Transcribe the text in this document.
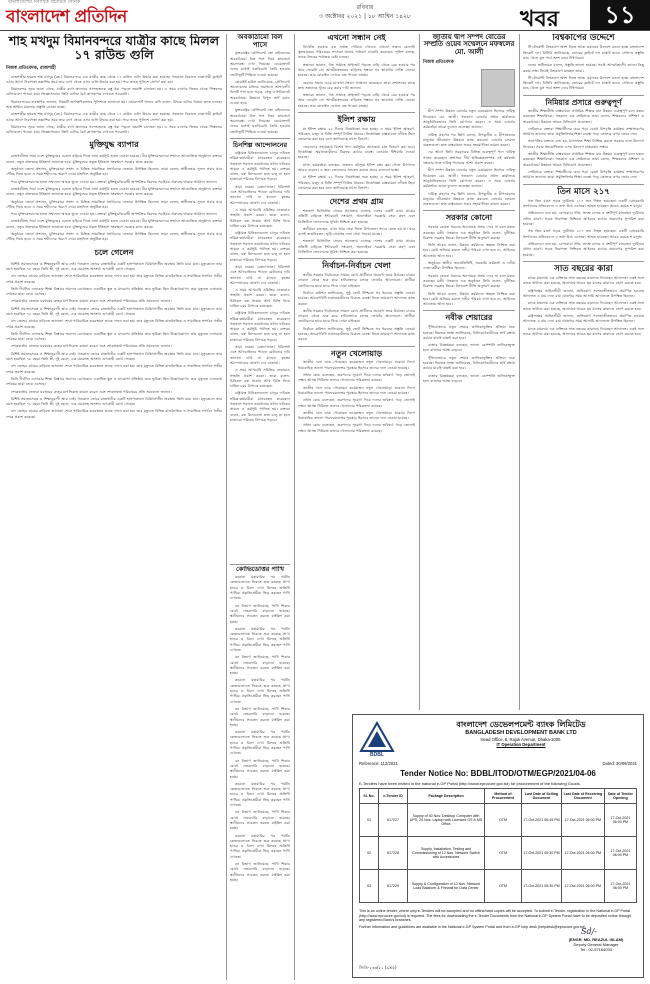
বাংলাদেশের সর্বাধিক প্রচারিত দৈনিক
বাংলাদেশ প্রতিদিন	রবিবার
৩ অক্টোবর ২০২১ | ১৮ আশ্বিন ১৪২৮	খবর	১১
শাহ মখদুম বিমানবন্দরে যাত্রীর কাছে মিলল ১৭ রাউন্ড গুলি
নিজস্ব প্রতিবেদক, রাজশাহী

রাজশাহীর হযরত শাহ মখদুম (রহ.) বিমানবন্দরে এক যাত্রীর কাছ থেকে ১৭ রাউন্ড গুলি উদ্ধার করা হয়েছে। গতকাল বিকালে ঢাকাগামী ফ্লাইটে ওঠার আগে নিরাপত্তা তল্লাশির সময় তার ব্যাগ থেকে এসব গুলি উদ্ধার করা হয়। পরে তাকে পুলিশে সোপর্দ করা হয়।

বিমানবন্দর সূত্রে জানা গেছে, যাত্রীর ব্যাগ স্ক্যানারে সন্দেহজনক বস্তু ধরা পড়লে তল্লাশি চালানো হয়। এ সময় ব্যাগের ভিতর থেকে পিস্তলের গুলিগুলো পাওয়া যায়। জিজ্ঞাসাবাদে তিনি গুলির বৈধ কাগজপত্র দেখাতে পারেননি।

বিমানবন্দরের ব্যবস্থাপক জানান, বিষয়টি তাৎক্ষণিকভাবে পুলিশকে জানানো হয়। এয়ারপোর্ট থানার ওসি বলেন, উদ্ধার গুলির বিষয়ে তদন্ত চলছে। অস্ত্র আইনে মামলার প্রস্তুতি নেওয়া হচ্ছে।

রাজশাহীর হযরত শাহ মখদুম (রহ.) বিমানবন্দরে এক যাত্রীর কাছ থেকে ১৭ রাউন্ড গুলি উদ্ধার করা হয়েছে। গতকাল বিকালে ঢাকাগামী ফ্লাইটে ওঠার আগে নিরাপত্তা তল্লাশির সময় তার ব্যাগ থেকে এসব গুলি উদ্ধার করা হয়। পরে তাকে পুলিশে সোপর্দ করা হয়।

বিমানবন্দর সূত্রে জানা গেছে, যাত্রীর ব্যাগ স্ক্যানারে সন্দেহজনক বস্তু ধরা পড়লে তল্লাশি চালানো হয়। এ সময় ব্যাগের ভিতর থেকে পিস্তলের গুলিগুলো পাওয়া যায়। জিজ্ঞাসাবাদে তিনি গুলির বৈধ কাগজপত্র দেখাতে পারেননি।

মুক্তিযুদ্ধ ব্যাপার

রাজধানীসহ সারা দেশে মুক্তিযুদ্ধের চেতনা ছড়িয়ে দিতে নানা কর্মসূচি হাতে নেওয়া হয়েছে। বীর মুক্তিযোদ্ধাদের সম্মানে আয়োজিত অনুষ্ঠানে বক্তারা বলেন, নতুন প্রজন্মকে ইতিহাস জানাতে হবে। মুক্তিযুদ্ধের প্রকৃত ইতিহাস সংরক্ষণে সরকার কাজ করছে।

অনুষ্ঠানে জেলা প্রশাসন, মুক্তিযোদ্ধা সংসদ ও বিভিন্ন সামাজিক সংগঠনের নেতারা উপস্থিত ছিলেন। তারা বলেন, স্বাধীনতার সুফল সবার ঘরে পৌঁছে দিতে হবে। এ সময় শহীদদের স্মরণে দোয়া মাহফিল অনুষ্ঠিত হয়।

পরে মুক্তিযোদ্ধাদের হাতে সম্মাননা স্মারক তুলে দেওয়া হয়। বক্তারা মুক্তিযুদ্ধবিরোধী অপশক্তির বিরুদ্ধে সবাইকে ঐক্যবদ্ধ থাকার আহ্বান জানান।

রাজধানীসহ সারা দেশে মুক্তিযুদ্ধের চেতনা ছড়িয়ে দিতে নানা কর্মসূচি হাতে নেওয়া হয়েছে। বীর মুক্তিযোদ্ধাদের সম্মানে আয়োজিত অনুষ্ঠানে বক্তারা বলেন, নতুন প্রজন্মকে ইতিহাস জানাতে হবে। মুক্তিযুদ্ধের প্রকৃত ইতিহাস সংরক্ষণে সরকার কাজ করছে।

অনুষ্ঠানে জেলা প্রশাসন, মুক্তিযোদ্ধা সংসদ ও বিভিন্ন সামাজিক সংগঠনের নেতারা উপস্থিত ছিলেন। তারা বলেন, স্বাধীনতার সুফল সবার ঘরে পৌঁছে দিতে হবে। এ সময় শহীদদের স্মরণে দোয়া মাহফিল অনুষ্ঠিত হয়।

পরে মুক্তিযোদ্ধাদের হাতে সম্মাননা স্মারক তুলে দেওয়া হয়। বক্তারা মুক্তিযুদ্ধবিরোধী অপশক্তির বিরুদ্ধে সবাইকে ঐক্যবদ্ধ থাকার আহ্বান জানান।

রাজধানীসহ সারা দেশে মুক্তিযুদ্ধের চেতনা ছড়িয়ে দিতে নানা কর্মসূচি হাতে নেওয়া হয়েছে। বীর মুক্তিযোদ্ধাদের সম্মানে আয়োজিত অনুষ্ঠানে বক্তারা বলেন, নতুন প্রজন্মকে ইতিহাস জানাতে হবে। মুক্তিযুদ্ধের প্রকৃত ইতিহাস সংরক্ষণে সরকার কাজ করছে।

অনুষ্ঠানে জেলা প্রশাসন, মুক্তিযোদ্ধা সংসদ ও বিভিন্ন সামাজিক সংগঠনের নেতারা উপস্থিত ছিলেন। তারা বলেন, স্বাধীনতার সুফল সবার ঘরে পৌঁছে দিতে হবে। এ সময় শহীদদের স্মরণে দোয়া মাহফিল অনুষ্ঠিত হয়।

চলে গেলেন

বিশিষ্ট সমাজসেবক ও শিক্ষানুরাগী আর নেই। গতকাল ভোরে রাজধানীর একটি হাসপাতালে চিকিৎসাধীন অবস্থায় তিনি মারা যান। মৃত্যুকালে তার বয়স হয়েছিল ৭৮ বছর। তিনি স্ত্রী, দুই ছেলে, এক মেয়েসহ অসংখ্য গুণগ্রাহী রেখে গেছেন।

বাদ জোহর গ্রামের বাড়িতে জানাজা শেষে পারিবারিক কবরস্থানে তাকে দাফন করা হয়। তার মৃত্যুতে বিভিন্ন রাজনৈতিক ও সামাজিক সংগঠন গভীর শোক প্রকাশ করেছে।

তিনি দীর্ঘদিন এলাকার শিক্ষা বিস্তারে অবদান রেখেছেন। একাধিক স্কুল ও মাদরাসা প্রতিষ্ঠায় তার ভূমিকা ছিল উল্লেখযোগ্য। তার মৃত্যুতে এলাকায় শোকের ছায়া নেমে এসেছে।

শোকবার্তায় নেতারা মরহুমের রুহের মাগফিরাত কামনা করেন এবং শোকসন্তপ্ত পরিবারের প্রতি সমবেদনা জানান।

বিশিষ্ট সমাজসেবক ও শিক্ষানুরাগী আর নেই। গতকাল ভোরে রাজধানীর একটি হাসপাতালে চিকিৎসাধীন অবস্থায় তিনি মারা যান। মৃত্যুকালে তার বয়স হয়েছিল ৭৮ বছর। তিনি স্ত্রী, দুই ছেলে, এক মেয়েসহ অসংখ্য গুণগ্রাহী রেখে গেছেন।

বাদ জোহর গ্রামের বাড়িতে জানাজা শেষে পারিবারিক কবরস্থানে তাকে দাফন করা হয়। তার মৃত্যুতে বিভিন্ন রাজনৈতিক ও সামাজিক সংগঠন গভীর শোক প্রকাশ করেছে।

তিনি দীর্ঘদিন এলাকার শিক্ষা বিস্তারে অবদান রেখেছেন। একাধিক স্কুল ও মাদরাসা প্রতিষ্ঠায় তার ভূমিকা ছিল উল্লেখযোগ্য। তার মৃত্যুতে এলাকায় শোকের ছায়া নেমে এসেছে।

শোকবার্তায় নেতারা মরহুমের রুহের মাগফিরাত কামনা করেন এবং শোকসন্তপ্ত পরিবারের প্রতি সমবেদনা জানান।

বিশিষ্ট সমাজসেবক ও শিক্ষানুরাগী আর নেই। গতকাল ভোরে রাজধানীর একটি হাসপাতালে চিকিৎসাধীন অবস্থায় তিনি মারা যান। মৃত্যুকালে তার বয়স হয়েছিল ৭৮ বছর। তিনি স্ত্রী, দুই ছেলে, এক মেয়েসহ অসংখ্য গুণগ্রাহী রেখে গেছেন।

বাদ জোহর গ্রামের বাড়িতে জানাজা শেষে পারিবারিক কবরস্থানে তাকে দাফন করা হয়। তার মৃত্যুতে বিভিন্ন রাজনৈতিক ও সামাজিক সংগঠন গভীর শোক প্রকাশ করেছে।

তিনি দীর্ঘদিন এলাকার শিক্ষা বিস্তারে অবদান রেখেছেন। একাধিক স্কুল ও মাদরাসা প্রতিষ্ঠায় তার ভূমিকা ছিল উল্লেখযোগ্য। তার মৃত্যুতে এলাকায় শোকের ছায়া নেমে এসেছে।

শোকবার্তায় নেতারা মরহুমের রুহের মাগফিরাত কামনা করেন এবং শোকসন্তপ্ত পরিবারের প্রতি সমবেদনা জানান।

বিশিষ্ট সমাজসেবক ও শিক্ষানুরাগী আর নেই। গতকাল ভোরে রাজধানীর একটি হাসপাতালে চিকিৎসাধীন অবস্থায় তিনি মারা যান। মৃত্যুকালে তার বয়স হয়েছিল ৭৮ বছর। তিনি স্ত্রী, দুই ছেলে, এক মেয়েসহ অসংখ্য গুণগ্রাহী রেখে গেছেন।

বাদ জোহর গ্রামের বাড়িতে জানাজা শেষে পারিবারিক কবরস্থানে তাকে দাফন করা হয়। তার মৃত্যুতে বিভিন্ন রাজনৈতিক ও সামাজিক সংগঠন গভীর শোক প্রকাশ করেছে।

অবকাঠামো বিল পাসে

যুক্তরাষ্ট্রের প্রেসিডেন্ট জো বাইডেনের অবকাঠামো বিল পাস নিয়ে কংগ্রেসে অচলাবস্থা দেখা দিয়েছে। ডেমোক্র্যাট দলের মধ্যেই মতবিরোধ তৈরি হওয়ায় ভোটাভুটি পিছিয়ে দেওয়া হয়েছে।

হোয়াইট হাউস জানিয়েছে, প্রেসিডেন্ট আলোচনার মাধ্যমে সমাধানে আশাবাদী। বিলটি পাস হলে সড়ক, সেতু ও ইন্টারনেট অবকাঠামো উন্নয়নে বিপুল অর্থ বরাদ্দ দেওয়া হবে।

যুক্তরাষ্ট্রের প্রেসিডেন্ট জো বাইডেনের অবকাঠামো বিল পাস নিয়ে কংগ্রেসে অচলাবস্থা দেখা দিয়েছে। ডেমোক্র্যাট দলের মধ্যেই মতবিরোধ তৈরি হওয়ায় ভোটাভুটি পিছিয়ে দেওয়া হয়েছে।

চিনশিল্প আন্দোলনের

রাষ্ট্রায়ত্ত চিনিকলগুলো চালুর দাবিতে শ্রমিক-কর্মচারীরা মানববন্ধন করেছেন। গতকাল সকালে কারখানার প্রধান ফটকের সামনে এ কর্মসূচি পালিত হয়। বক্তারা বলেন, বন্ধ মিলগুলো দ্রুত চালু না হলে হাজারো পরিবার বিপাকে পড়বে।

তারা বকেয়া বেতন-ভাতা পরিশোধ এবং আখচাষিদের পাওনা মেটানোর দাবি জানান। দাবি না মানলে বৃহত্তর আন্দোলনের ঘোষণা দেন নেতারা।

এ সময় আখচাষি সমিতির নেতারাও সংহতি প্রকাশ করেন। তারা বলেন, চিনিকল বন্ধ থাকায় আখ বিক্রি নিয়ে চাষিরা চরম বিপাকে রয়েছেন।

রাষ্ট্রায়ত্ত চিনিকলগুলো চালুর দাবিতে শ্রমিক-কর্মচারীরা মানববন্ধন করেছেন। গতকাল সকালে কারখানার প্রধান ফটকের সামনে এ কর্মসূচি পালিত হয়। বক্তারা বলেন, বন্ধ মিলগুলো দ্রুত চালু না হলে হাজারো পরিবার বিপাকে পড়বে।

তারা বকেয়া বেতন-ভাতা পরিশোধ এবং আখচাষিদের পাওনা মেটানোর দাবি জানান। দাবি না মানলে বৃহত্তর আন্দোলনের ঘোষণা দেন নেতারা।

এ সময় আখচাষি সমিতির নেতারাও সংহতি প্রকাশ করেন। তারা বলেন, চিনিকল বন্ধ থাকায় আখ বিক্রি নিয়ে চাষিরা চরম বিপাকে রয়েছেন।

রাষ্ট্রায়ত্ত চিনিকলগুলো চালুর দাবিতে শ্রমিক-কর্মচারীরা মানববন্ধন করেছেন। গতকাল সকালে কারখানার প্রধান ফটকের সামনে এ কর্মসূচি পালিত হয়। বক্তারা বলেন, বন্ধ মিলগুলো দ্রুত চালু না হলে হাজারো পরিবার বিপাকে পড়বে।

তারা বকেয়া বেতন-ভাতা পরিশোধ এবং আখচাষিদের পাওনা মেটানোর দাবি জানান। দাবি না মানলে বৃহত্তর আন্দোলনের ঘোষণা দেন নেতারা।

এ সময় আখচাষি সমিতির নেতারাও সংহতি প্রকাশ করেন। তারা বলেন, চিনিকল বন্ধ থাকায় আখ বিক্রি নিয়ে চাষিরা চরম বিপাকে রয়েছেন।

রাষ্ট্রায়ত্ত চিনিকলগুলো চালুর দাবিতে শ্রমিক-কর্মচারীরা মানববন্ধন করেছেন। গতকাল সকালে কারখানার প্রধান ফটকের সামনে এ কর্মসূচি পালিত হয়। বক্তারা বলেন, বন্ধ মিলগুলো দ্রুত চালু না হলে হাজারো পরিবার বিপাকে পড়বে।

কোভিডোত্তর পাখি

করোনা মহামারির পর পর্যটন কেন্দ্রগুলোতে ফিরতে শুরু করেছে প্রাণ। হাওর ও বিলে দেখা মিলছে অতিথি পাখির। প্রকৃতিপ্রেমীরা ভিড় করছেন পাখি দেখতে।

বন বিভাগ জানিয়েছে, পাখি শিকার রোধে নজরদারি বাড়ানো হয়েছে। স্থানীয়দের সচেতন করতে মাইকিং করা হচ্ছে।

করোনা মহামারির পর পর্যটন কেন্দ্রগুলোতে ফিরতে শুরু করেছে প্রাণ। হাওর ও বিলে দেখা মিলছে অতিথি পাখির। প্রকৃতিপ্রেমীরা ভিড় করছেন পাখি দেখতে।

বন বিভাগ জানিয়েছে, পাখি শিকার রোধে নজরদারি বাড়ানো হয়েছে। স্থানীয়দের সচেতন করতে মাইকিং করা হচ্ছে।

করোনা মহামারির পর পর্যটন কেন্দ্রগুলোতে ফিরতে শুরু করেছে প্রাণ। হাওর ও বিলে দেখা মিলছে অতিথি পাখির। প্রকৃতিপ্রেমীরা ভিড় করছেন পাখি দেখতে।

বন বিভাগ জানিয়েছে, পাখি শিকার রোধে নজরদারি বাড়ানো হয়েছে। স্থানীয়দের সচেতন করতে মাইকিং করা হচ্ছে।

করোনা মহামারির পর পর্যটন কেন্দ্রগুলোতে ফিরতে শুরু করেছে প্রাণ। হাওর ও বিলে দেখা মিলছে অতিথি পাখির। প্রকৃতিপ্রেমীরা ভিড় করছেন পাখি দেখতে।

বন বিভাগ জানিয়েছে, পাখি শিকার রোধে নজরদারি বাড়ানো হয়েছে। স্থানীয়দের সচেতন করতে মাইকিং করা হচ্ছে।

করোনা মহামারির পর পর্যটন কেন্দ্রগুলোতে ফিরতে শুরু করেছে প্রাণ। হাওর ও বিলে দেখা মিলছে অতিথি পাখির। প্রকৃতিপ্রেমীরা ভিড় করছেন পাখি দেখতে।

বন বিভাগ জানিয়েছে, পাখি শিকার রোধে নজরদারি বাড়ানো হয়েছে। স্থানীয়দের সচেতন করতে মাইকিং করা হচ্ছে।

করোনা মহামারির পর পর্যটন কেন্দ্রগুলোতে ফিরতে শুরু করেছে প্রাণ। হাওর ও বিলে দেখা মিলছে অতিথি পাখির। প্রকৃতিপ্রেমীরা ভিড় করছেন পাখি দেখতে।

বন বিভাগ জানিয়েছে, পাখি শিকার রোধে নজরদারি বাড়ানো হয়েছে। স্থানীয়দের সচেতন করতে মাইকিং করা হচ্ছে।

এখনো সন্ধান নেই

নিখোঁজ হওয়ার এক সপ্তাহ পেরিয়ে গেলেও এখনো সন্ধান মেলেনি স্কুলছাত্রের। পরিবারের সদস্যরা থানায় সাধারণ ডায়েরি করেছেন। পুলিশ বলছে, তাকে উদ্ধারে সর্বাত্মক চেষ্টা চলছে।

স্বজনরা জানান, গত সপ্তাহে প্রাইভেট পড়তে বাড়ি থেকে বের হওয়ার পর আর ফেরেনি সে। আত্মীয়স্বজনের বাড়িসহ সম্ভাব্য সব জায়গায় খোঁজ নেওয়া হয়েছে। তার মোবাইল ফোনও বন্ধ পাওয়া যাচ্ছে।

ছেলের সন্ধান চেয়ে মা-বাবা সংবাদ সম্মেলন করেছেন। তারা প্রশাসনের কাছে দ্রুত সন্তানকে খুঁজে বের করার দাবি জানান।

স্বজনরা জানান, গত সপ্তাহে প্রাইভেট পড়তে বাড়ি থেকে বের হওয়ার পর আর ফেরেনি সে। আত্মীয়স্বজনের বাড়িসহ সম্ভাব্য সব জায়গায় খোঁজ নেওয়া হয়েছে। তার মোবাইল ফোনও বন্ধ পাওয়া যাচ্ছে।

ইলিশ রক্ষায়

মা ইলিশ রক্ষায় ২২ দিনের নিষেধাজ্ঞা শুরু হচ্ছে। এ সময় ইলিশ আহরণ, পরিবহন, মজুদ ও বিক্রি সম্পূর্ণ নিষিদ্ধ থাকবে। নিষেধাজ্ঞা বাস্তবায়নে নদীতে টহল জোরদার করা হবে বলে জানিয়েছে মৎস্য বিভাগ।

জেলেদের সহায়তায় বিশেষ খাদ্য কর্মসূচির আওতায় চাল বিতরণ করা হবে। নিষেধাজ্ঞা অমান্যকারীদের বিরুদ্ধে কঠোর ব্যবস্থা নেওয়ার হুঁশিয়ারি দেওয়া হয়েছে।

মৎস্য কর্মকর্তারা বলছেন, প্রজনন মৌসুমে ইলিশ রক্ষা করা গেলে উৎপাদন আরও বাড়বে। এ জন্য জেলেদের সচেতন করতে প্রচার চালানো হচ্ছে।

মা ইলিশ রক্ষায় ২২ দিনের নিষেধাজ্ঞা শুরু হচ্ছে। এ সময় ইলিশ আহরণ, পরিবহন, মজুদ ও বিক্রি সম্পূর্ণ নিষিদ্ধ থাকবে। নিষেধাজ্ঞা বাস্তবায়নে নদীতে টহল জোরদার করা হবে বলে জানিয়েছে মৎস্য বিভাগ।

দেশের প্রথম গ্রাম

শতভাগ ডিজিটাল সেবার আওতায় এসেছে দেশের একটি গ্রাম। গ্রামের প্রতিটি বাড়িতে ইন্টারনেট সংযোগ, অনলাইনে সরকারি সেবা গ্রহণ এবং ডিজিটাল লেনদেনের সুবিধা নিশ্চিত করা হয়েছে।

স্থানীয়রা বলছেন, এখন আর সেবা নিতে উপজেলা সদরে যেতে হয় না। ঘরে বসেই জন্মনিবন্ধন, ভূমি সেবাসহ নানা সেবা পাওয়া যাচ্ছে।

শতভাগ ডিজিটাল সেবার আওতায় এসেছে দেশের একটি গ্রাম। গ্রামের প্রতিটি বাড়িতে ইন্টারনেট সংযোগ, অনলাইনে সরকারি সেবা গ্রহণ এবং ডিজিটাল লেনদেনের সুবিধা নিশ্চিত করা হয়েছে।

নির্বাচন-নির্বাচন খেলা

স্থানীয় সরকার নির্বাচনকে সামনে রেখে প্রার্থীদের প্রচারণা জমে উঠেছে। চায়ের দোকান থেকে শুরু করে হাটবাজারে চলছে ভোটের আলোচনা। প্রার্থীরা ভোটারদের দ্বারে দ্বারে গিয়ে দোয়া চাইছেন।

নির্বাচন কমিশন জানিয়েছে, সুষ্ঠু ভোট নিশ্চিতে সব ধরনের প্রস্তুতি নেওয়া হয়েছে। আচরণবিধি লঙ্ঘনকারীদের বিরুদ্ধে ব্যবস্থা নিতে ভ্রাম্যমাণ আদালত কাজ করবে।

স্থানীয় সরকার নির্বাচনকে সামনে রেখে প্রার্থীদের প্রচারণা জমে উঠেছে। চায়ের দোকান থেকে শুরু করে হাটবাজারে চলছে ভোটের আলোচনা। প্রার্থীরা ভোটারদের দ্বারে দ্বারে গিয়ে দোয়া চাইছেন।

নির্বাচন কমিশন জানিয়েছে, সুষ্ঠু ভোট নিশ্চিতে সব ধরনের প্রস্তুতি নেওয়া হয়েছে। আচরণবিধি লঙ্ঘনকারীদের বিরুদ্ধে ব্যবস্থা নিতে ভ্রাম্যমাণ আদালত কাজ করবে।

নতুন খেলোয়াড়

জাতীয় দলে ডাক পেয়েছেন কয়েকজন নতুন খেলোয়াড়। ঘরোয়া লিগে ধারাবাহিক ভালো পারফরম্যান্সের পুরস্কার হিসেবে তাদের দলে নেওয়া হয়েছে।

প্রধান কোচ বলেছেন, তরুণদের সুযোগ দিয়ে দলের ভবিষ্যৎ গড়ে তোলাই লক্ষ্য। আসন্ন সিরিজে তাদের খেলানোর পরিকল্পনা রয়েছে।

জাতীয় দলে ডাক পেয়েছেন কয়েকজন নতুন খেলোয়াড়। ঘরোয়া লিগে ধারাবাহিক ভালো পারফরম্যান্সের পুরস্কার হিসেবে তাদের দলে নেওয়া হয়েছে।

প্রধান কোচ বলেছেন, তরুণদের সুযোগ দিয়ে দলের ভবিষ্যৎ গড়ে তোলাই লক্ষ্য। আসন্ন সিরিজে তাদের খেলানোর পরিকল্পনা রয়েছে।

জাতীয় দলে ডাক পেয়েছেন কয়েকজন নতুন খেলোয়াড়। ঘরোয়া লিগে ধারাবাহিক ভালো পারফরম্যান্সের পুরস্কার হিসেবে তাদের দলে নেওয়া হয়েছে।

প্রধান কোচ বলেছেন, তরুণদের সুযোগ দিয়ে দলের ভবিষ্যৎ গড়ে তোলাই লক্ষ্য। আসন্ন সিরিজে তাদের খেলানোর পরিকল্পনা রয়েছে।

জাতীয় দ্বীপ সম্পদ বোর্ডের সম্প্রতি ওয়েব সম্মেলনে মফস্বলের মো. আলী
নিজস্ব প্রতিবেদক

দ্বীপ সম্পদ উন্নয়ন বোর্ডের নতুন চেয়ারম্যান হিসেবে দায়িত্ব নিয়েছেন মো. আলী। গতকাল বোর্ডের প্রধান কার্যালয়ে আনুষ্ঠানিকভাবে তিনি যোগদান করেন। এ সময় বোর্ডের কর্মকর্তারা তাকে ফুলেল শুভেচ্ছা জানান।

দায়িত্ব গ্রহণের পর তিনি বলেন, উপকূলীয় ও দ্বীপাঞ্চলের মানুষের জীবনমান উন্নয়নে কাজ করবেন। বোর্ডের চলমান প্রকল্পগুলো দ্রুত বাস্তবায়নে সবার সহযোগিতা কামনা করেন।

এর আগে তিনি সরকারের বিভিন্ন গুরুত্বপূর্ণ পদে দায়িত্ব পালন করেছেন। প্রশাসনে দীর্ঘ অভিজ্ঞতাসম্পন্ন এই কর্মকর্তা দক্ষতার সঙ্গে দায়িত্ব পালনের আশা প্রকাশ করেন।

দ্বীপ সম্পদ উন্নয়ন বোর্ডের নতুন চেয়ারম্যান হিসেবে দায়িত্ব নিয়েছেন মো. আলী। গতকাল বোর্ডের প্রধান কার্যালয়ে আনুষ্ঠানিকভাবে তিনি যোগদান করেন। এ সময় বোর্ডের কর্মকর্তারা তাকে ফুলেল শুভেচ্ছা জানান।

দায়িত্ব গ্রহণের পর তিনি বলেন, উপকূলীয় ও দ্বীপাঞ্চলের মানুষের জীবনমান উন্নয়নে কাজ করবেন। বোর্ডের চলমান প্রকল্পগুলো দ্রুত বাস্তবায়নে সবার সহযোগিতা কামনা করেন।

সরকার কোনো

সরকার কোনো ধরনের অন্যায়কে প্রশ্রয় দেবে না বলে মন্তব্য করেছেন মন্ত্রী। গতকাল এক অনুষ্ঠানে তিনি বলেন, দুর্নীতির বিরুদ্ধে সরকার জিরো টলারেন্স নীতি অনুসরণ করছে।

তিনি আরও বলেন, উন্নয়ন কর্মকাণ্ডে স্বচ্ছতা নিশ্চিত করা হবে। কেউ অনিয়ম করলে দলীয় পরিচয় দেখা হবে না, আইনের আওতায় আনা হবে।

অনুষ্ঠানে স্থানীয় জনপ্রতিনিধি, সরকারি কর্মকর্তা ও দলীয় নেতা-কর্মীরা উপস্থিত ছিলেন।

সরকার কোনো ধরনের অন্যায়কে প্রশ্রয় দেবে না বলে মন্তব্য করেছেন মন্ত্রী। গতকাল এক অনুষ্ঠানে তিনি বলেন, দুর্নীতির বিরুদ্ধে সরকার জিরো টলারেন্স নীতি অনুসরণ করছে।

তিনি আরও বলেন, উন্নয়ন কর্মকাণ্ডে স্বচ্ছতা নিশ্চিত করা হবে। কেউ অনিয়ম করলে দলীয় পরিচয় দেখা হবে না, আইনের আওতায় আনা হবে।

নবীক শেয়ারের

পুঁজিবাজারে নতুন শেয়ার তালিকাভুক্তির প্রক্রিয়া শুরু হয়েছে। নিয়ন্ত্রক সংস্থা জানিয়েছে, বিনিয়োগকারীদের স্বার্থ রক্ষায় কঠোর যাচাই-বাছাই করা হবে।

বাজার বিশ্লেষকরা বলছেন, ভালো কোম্পানি তালিকাভুক্ত হলে বাজারে আস্থা বাড়বে।

পুঁজিবাজারে নতুন শেয়ার তালিকাভুক্তির প্রক্রিয়া শুরু হয়েছে। নিয়ন্ত্রক সংস্থা জানিয়েছে, বিনিয়োগকারীদের স্বার্থ রক্ষায় কঠোর যাচাই-বাছাই করা হবে।

বাজার বিশ্লেষকরা বলছেন, ভালো কোম্পানি তালিকাভুক্ত হলে বাজারে আস্থা বাড়বে।

বিশ্বকাপের উদ্দেশে

টি-টোয়েন্টি বিশ্বকাপে অংশ নিতে আজ ওমানের উদ্দেশে রওনা হচ্ছে বাংলাদেশ ক্রিকেট দল। বিসিবি জানিয়েছে, ভোরের ফ্লাইটে দল মাস্কাট যাবে। সেখানে প্রস্তুতি ম্যাচ খেলে মূল পর্বে অংশ নেবে টাইগাররা।

দলের অধিনায়ক বলেন, প্রস্তুতি ভালো হয়েছে। সবাই আত্মবিশ্বাসী। ভালো কিছু করার লক্ষ্য নিয়েই বিশ্বকাপে যাচ্ছেন তারা।

টি-টোয়েন্টি বিশ্বকাপে অংশ নিতে আজ ওমানের উদ্দেশে রওনা হচ্ছে বাংলাদেশ ক্রিকেট দল। বিসিবি জানিয়েছে, ভোরের ফ্লাইটে দল মাস্কাট যাবে। সেখানে প্রস্তুতি ম্যাচ খেলে মূল পর্বে অংশ নেবে টাইগাররা।

নিমিয়ার প্রসারে গুরুত্বপূর্ণ

জাতীয় শিক্ষানীতি বাস্তবায়নে প্রাথমিক শিক্ষার মান উন্নয়ন গুরুত্বপূর্ণ বলে মন্তব্য করেছেন শিক্ষাবিদরা। গতকাল এক সেমিনারে তারা বলেন, শিক্ষকদের প্রশিক্ষণ ও অবকাঠামো উন্নয়নে আরও বিনিয়োগ প্রয়োজন।

সেমিনারে বক্তারা শিক্ষার্থীদের ঝরে পড়া রোধে উপবৃত্তি কার্যক্রম সম্প্রসারণের আহ্বান জানান। তারা প্রযুক্তিনির্ভর শিক্ষা ব্যবস্থা গড়ে তোলার ওপর জোর দেন।

সভাপতির বক্তব্যে বলা হয়, মানসম্মত শিক্ষা নিশ্চিত করতে সরকার নানা উদ্যোগ নিয়েছে। সবার সহযোগিতায় এসব উদ্যোগ বাস্তবায়ন সম্ভব।

জাতীয় শিক্ষানীতি বাস্তবায়নে প্রাথমিক শিক্ষার মান উন্নয়ন গুরুত্বপূর্ণ বলে মন্তব্য করেছেন শিক্ষাবিদরা। গতকাল এক সেমিনারে তারা বলেন, শিক্ষকদের প্রশিক্ষণ ও অবকাঠামো উন্নয়নে আরও বিনিয়োগ প্রয়োজন।

সেমিনারে বক্তারা শিক্ষার্থীদের ঝরে পড়া রোধে উপবৃত্তি কার্যক্রম সম্প্রসারণের আহ্বান জানান। তারা প্রযুক্তিনির্ভর শিক্ষা ব্যবস্থা গড়ে তোলার ওপর জোর দেন।

তিন মাসে ২১৭

গত তিন মাসে সড়ক দুর্ঘটনায় ২১৭ জন নিহত হয়েছেন। একটি বেসরকারি সংগঠনের প্রতিবেদনে এ তথ্য উঠে এসেছে। আহত হয়েছেন আরও কয়েক শ মানুষ।

প্রতিবেদনে বলা হয়, বেপরোয়া গতি, অদক্ষ চালক ও ত্রুটিপূর্ণ যানবাহন দুর্ঘটনার প্রধান কারণ। সড়ক নিরাপত্তা নিশ্চিতে আইনের কঠোর প্রয়োগের সুপারিশ করা হয়েছে।

গত তিন মাসে সড়ক দুর্ঘটনায় ২১৭ জন নিহত হয়েছেন। একটি বেসরকারি সংগঠনের প্রতিবেদনে এ তথ্য উঠে এসেছে। আহত হয়েছেন আরও কয়েক শ মানুষ।

প্রতিবেদনে বলা হয়, বেপরোয়া গতি, অদক্ষ চালক ও ত্রুটিপূর্ণ যানবাহন দুর্ঘটনার প্রধান কারণ। সড়ক নিরাপত্তা নিশ্চিতে আইনের কঠোর প্রয়োগের সুপারিশ করা হয়েছে।

সাত বছরের কারা

মাদক মামলায় এক ব্যক্তিকে সাত বছরের কারাদণ্ড দিয়েছেন আদালত। একই সঙ্গে তাকে অর্থদণ্ড করা হয়েছে, অনাদায়ে আরও ছয় মাসের কারাদণ্ড ভোগ করতে হবে।

রাষ্ট্রপক্ষের আইনজীবী জানান, অভিযোগ সন্দেহাতীতভাবে প্রমাণিত হওয়ায় আদালত এ রায় দেন। রায় ঘোষণার সময় আসামি আদালতে উপস্থিত ছিলেন।

মাদক মামলায় এক ব্যক্তিকে সাত বছরের কারাদণ্ড দিয়েছেন আদালত। একই সঙ্গে তাকে অর্থদণ্ড করা হয়েছে, অনাদায়ে আরও ছয় মাসের কারাদণ্ড ভোগ করতে হবে।

রাষ্ট্রপক্ষের আইনজীবী জানান, অভিযোগ সন্দেহাতীতভাবে প্রমাণিত হওয়ায় আদালত এ রায় দেন। রায় ঘোষণার সময় আসামি আদালতে উপস্থিত ছিলেন।

মাদক মামলায় এক ব্যক্তিকে সাত বছরের কারাদণ্ড দিয়েছেন আদালত। একই সঙ্গে তাকে অর্থদণ্ড করা হয়েছে, অনাদায়ে আরও ছয় মাসের কারাদণ্ড ভোগ করতে হবে।

BDBL
বাংলাদেশ ডেভেলপমেন্ট ব্যাংক লিমিটেড
BANGLADESH DEVELOPMENT BANK LTD
Head Office, 8, Rajuk Avenue, Dhaka-1000.
IT Operation Department
Reference: 112/2021	Dated: 30/09/2021
Tender Notice No: BDBL/ITOD/OTM/EGP/2021/04-06
E-Tenders have been invited in the national e-GP Portal (http://www.eprocure.gov.bd) for procurement of the following Goods.
Sl. No.	e-Tender ID	Package Description	Method of Procurement	Last Date of Selling Document	Last Date of Receiving Document	Date of Tender Opening
01	617227	Supply of 30 Nos. Desktop Computer with UPS, 20 Nos. Laptop with Licensed OS & MS Office	OTM	17-Oct-2021 05:45 PM	17-Oct-2021 06:00 PM	17-Oct-2021 06:00 PM
02	617228	Supply, Installation, Testing and Commissioning of 12 Nos. Network Switch with Accessories	OTM	17-Oct-2021 05:30 PM	17-Oct-2021 06:00 PM	17-Oct-2021 06:00 PM
03	617229	Supply & Configuration of 10 Nos. Network Load Balancer & Firewall for Data Center	OTM	17-Oct-2021 05:30 PM	17-Oct-2021 06:00 PM	17-Oct-2021 06:00 PM
This is an online tender, where only e-Tenders will be accepted and no offline/hard copies will be accepted. To submit e-Tender, registration in the National e-GP Portal (http://www.eprocure.gov.bd) is required. The fees for downloading the e-Tender Documents from the National e-GP System Portal have to be deposited online through any registered Bank's branches.
Further information and guidelines are available in the National e-GP System Portal and from e-GP help desk (helpdesk@eprocure.gov.bd).
Sd/-
(ENGR. MD. REAZUL ISLAM)
Deputy General Manager
Tel : 02-57164033
জিডি-২৩৩/২১ (৯×৫)
